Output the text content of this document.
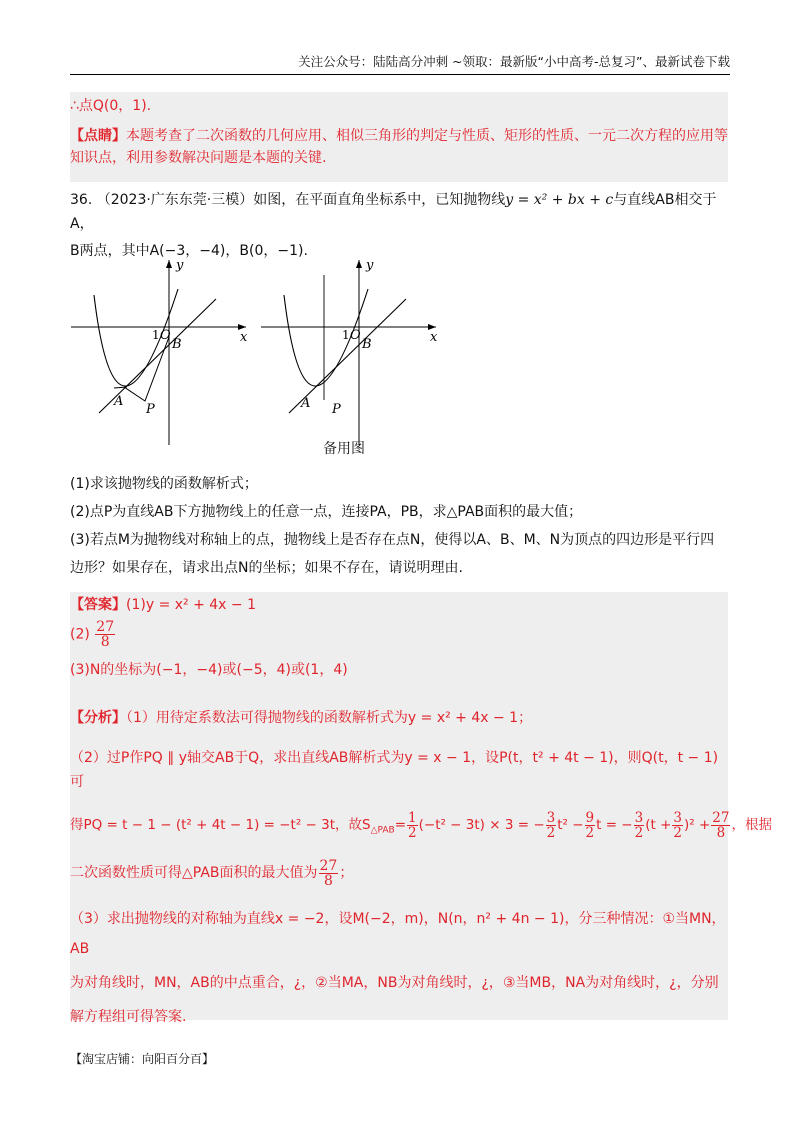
关注公众号：陆陆高分冲刺 ~领取：最新版“小中高考-总复习”、最新试卷下载
∴点Q(0，1).
【点睛】本题考查了二次函数的几何应用、相似三角形的判定与性质、矩形的性质、一元二次方程的应用等知识点，利用参数解决问题是本题的关键.
36. （2023·广东东莞·三模）如图，在平面直角坐标系中，已知抛物线y = x² + bx + c与直线AB相交于A，
B两点，其中A(−3，−4)，B(0，−1).
y
x
1 O
B
A
P
y
x
1 O
B
A P
备用图
(1)求该抛物线的函数解析式；
(2)点P为直线AB下方抛物线上的任意一点，连接PA，PB，求△PAB面积的最大值；
(3)若点M为抛物线对称轴上的点，抛物线上是否存在点N，使得以A、B、M、N为顶点的四边形是平行四边形？如果存在，请求出点N的坐标；如果不存在，请说明理由.
【答案】(1)y = x² + 4x − 1
$(2) \frac{27}{8}$
(3)N的坐标为(−1，−4)或(−5，4)或(1，4)
【分析】（1）用待定系数法可得抛物线的函数解析式为y = x² + 4x − 1；
（2）过P作PQ ∥ y轴交AB于Q，求出直线AB解析式为y = x − 1，设P(t，t² + 4t − 1)，则Q(t，t − 1)可
得PQ = t − 1 − (t² + 4t − 1) = −t² − 3t，故$S_{\triangle PAB}= \frac{1}{2} (-t^2 - 3t) \times 3$ = − $\frac{3}{2} t^2 - \frac{9}{2}$ t = − $\frac{3}{2} (t + \frac{3}{2} )^2 + \frac{27}{8}$ ，根据
二次函数性质可得△PAB面积的最大值为 $\frac{27}{8}$ ；
（3）求出抛物线的对称轴为直线x = −2，设M(−2，m)，N(n，n² + 4n − 1)，分三种情况：①当MN，AB
为对角线时，MN，AB的中点重合，¿，②当MA，NB为对角线时，¿，③当MB，NA为对角线时，¿，分别
解方程组可得答案.
【淘宝店铺：向阳百分百】
